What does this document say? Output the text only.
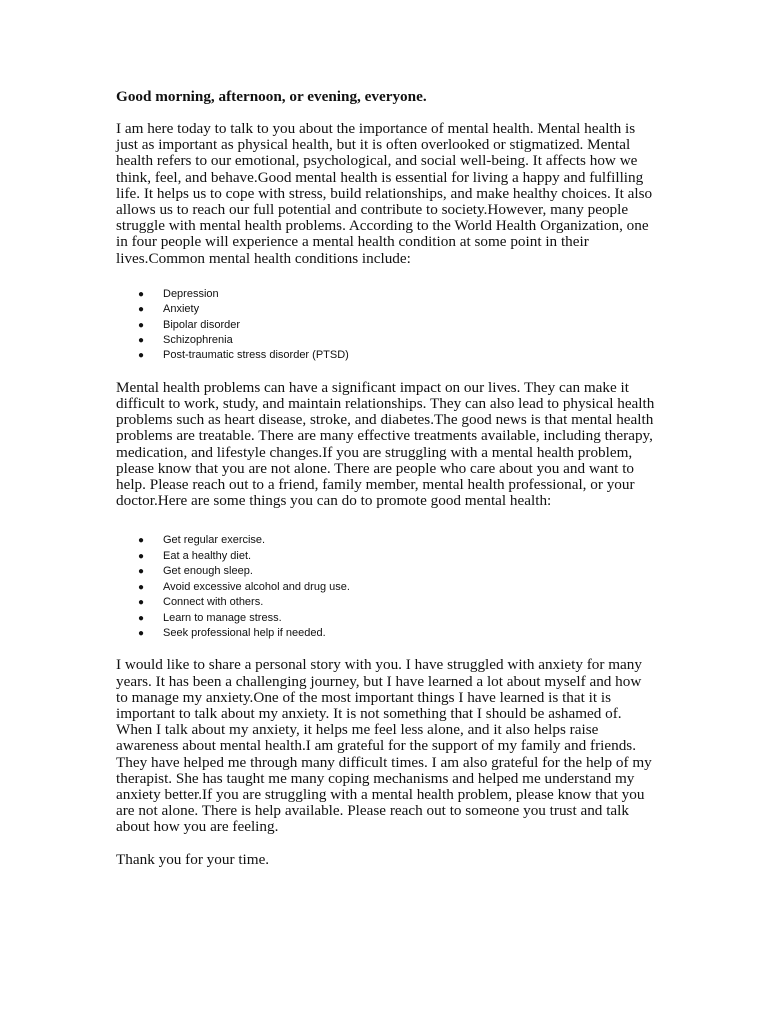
Good morning, afternoon, or evening, everyone.

I am here today to talk to you about the importance of mental health. Mental health is just as important as physical health, but it is often overlooked or stigmatized. Mental health refers to our emotional, psychological, and social well-being. It affects how we think, feel, and behave.Good mental health is essential for living a happy and fulfilling life. It helps us to cope with stress, build relationships, and make healthy choices. It also allows us to reach our full potential and contribute to society.However, many people struggle with mental health problems. According to the World Health Organization, one in four people will experience a mental health condition at some point in their lives.Common mental health conditions include:

● Depression
● Anxiety
● Bipolar disorder
● Schizophrenia
● Post-traumatic stress disorder (PTSD)

Mental health problems can have a significant impact on our lives. They can make it difficult to work, study, and maintain relationships. They can also lead to physical health problems such as heart disease, stroke, and diabetes.The good news is that mental health problems are treatable. There are many effective treatments available, including therapy, medication, and lifestyle changes.If you are struggling with a mental health problem, please know that you are not alone. There are people who care about you and want to help. Please reach out to a friend, family member, mental health professional, or your doctor.Here are some things you can do to promote good mental health:

● Get regular exercise.
● Eat a healthy diet.
● Get enough sleep.
● Avoid excessive alcohol and drug use.
● Connect with others.
● Learn to manage stress.
● Seek professional help if needed.

I would like to share a personal story with you. I have struggled with anxiety for many years. It has been a challenging journey, but I have learned a lot about myself and how to manage my anxiety.One of the most important things I have learned is that it is important to talk about my anxiety. It is not something that I should be ashamed of. When I talk about my anxiety, it helps me feel less alone, and it also helps raise awareness about mental health.I am grateful for the support of my family and friends. They have helped me through many difficult times. I am also grateful for the help of my therapist. She has taught me many coping mechanisms and helped me understand my anxiety better.If you are struggling with a mental health problem, please know that you are not alone. There is help available. Please reach out to someone you trust and talk about how you are feeling.

Thank you for your time.
